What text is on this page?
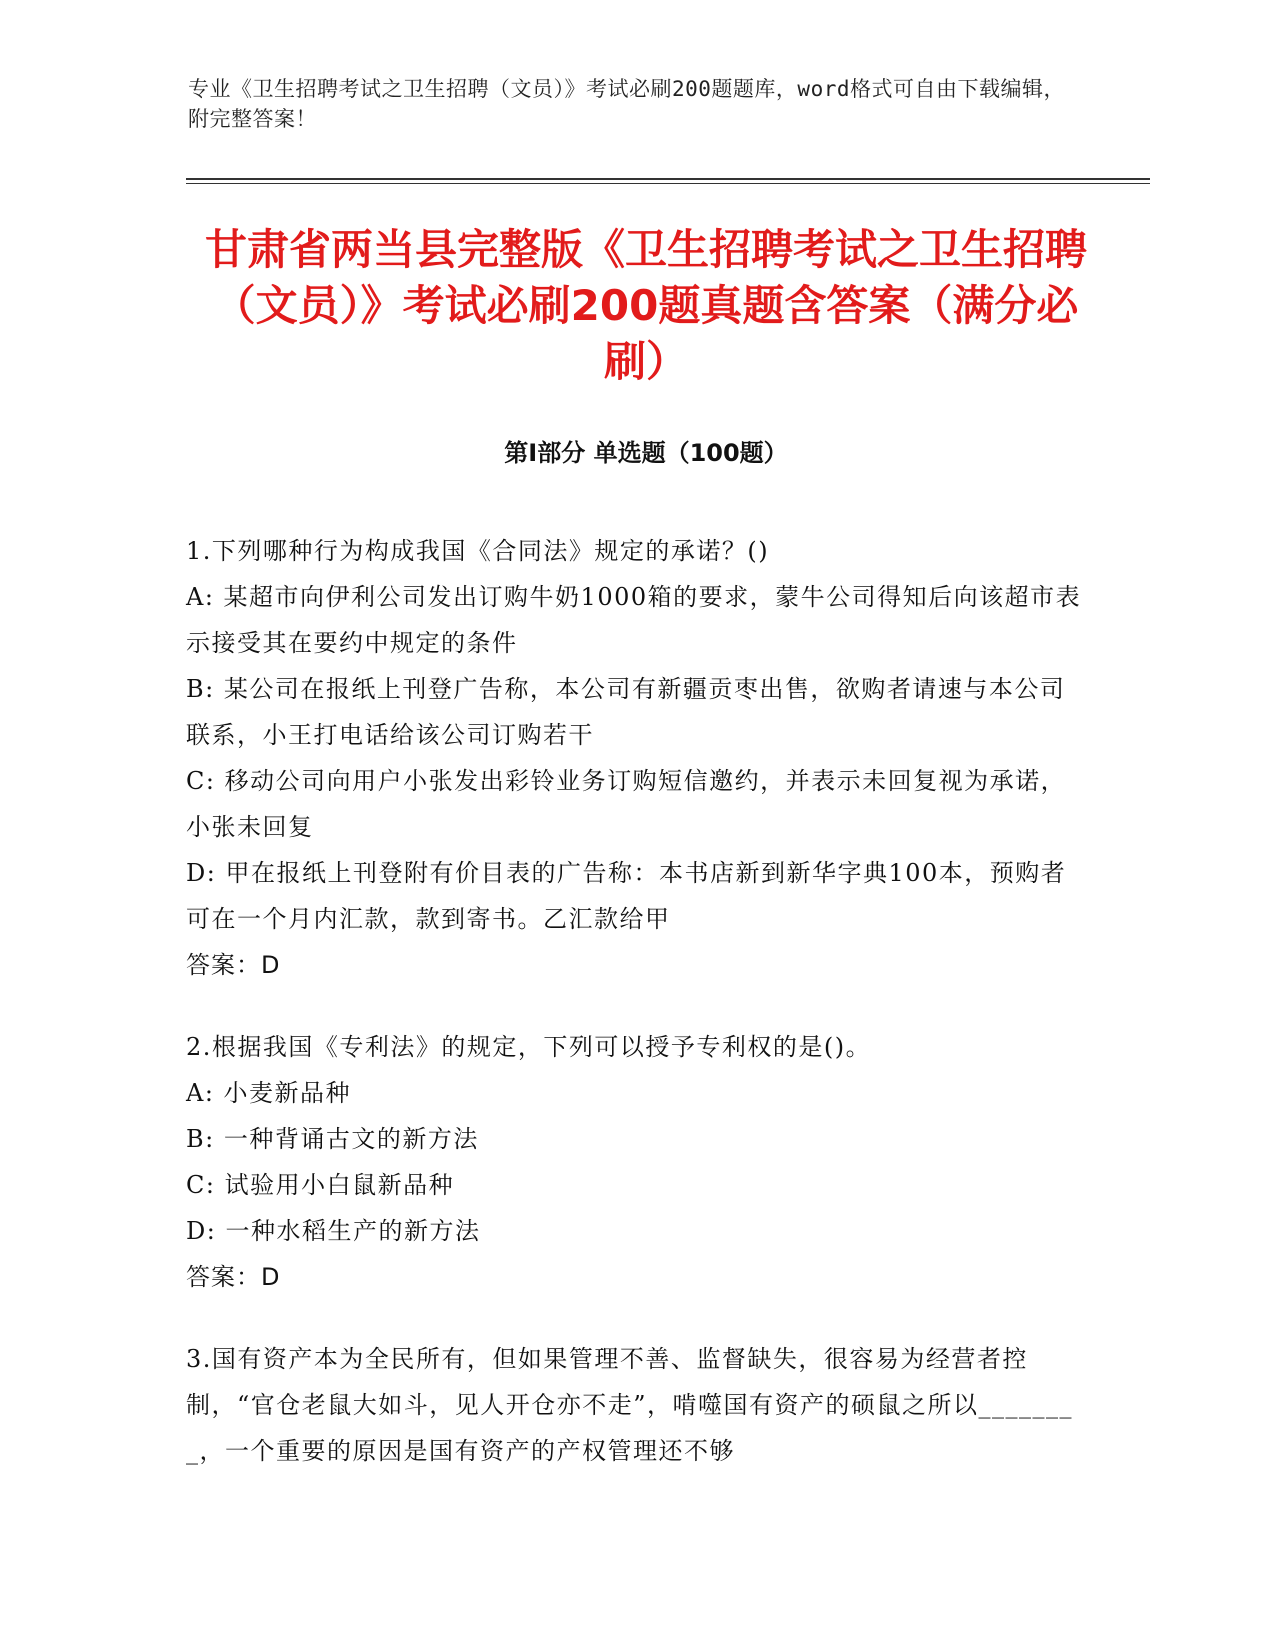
专业《卫生招聘考试之卫生招聘（文员）》考试必刷200题题库，word格式可自由下载编辑，附完整答案！
甘肃省两当县完整版《卫生招聘考试之卫生招聘（文员）》考试必刷200题真题含答案（满分必刷）
第I部分 单选题（100题）

1.下列哪种行为构成我国《合同法》规定的承诺？()

A: 某超市向伊利公司发出订购牛奶1000箱的要求，蒙牛公司得知后向该超市表示接受其在要约中规定的条件

B: 某公司在报纸上刊登广告称，本公司有新疆贡枣出售，欲购者请速与本公司联系，小王打电话给该公司订购若干

C: 移动公司向用户小张发出彩铃业务订购短信邀约，并表示未回复视为承诺，小张未回复

D: 甲在报纸上刊登附有价目表的广告称：本书店新到新华字典100本，预购者可在一个月内汇款，款到寄书。乙汇款给甲

答案：D

2.根据我国《专利法》的规定，下列可以授予专利权的是()。

A: 小麦新品种

B: 一种背诵古文的新方法

C: 试验用小白鼠新品种

D: 一种水稻生产的新方法

答案：D

3.国有资产本为全民所有，但如果管理不善、监督缺失，很容易为经营者控制，“官仓老鼠大如斗，见人开仓亦不走”，啃噬国有资产的硕鼠之所以________，一个重要的原因是国有资产的产权管理还不够
